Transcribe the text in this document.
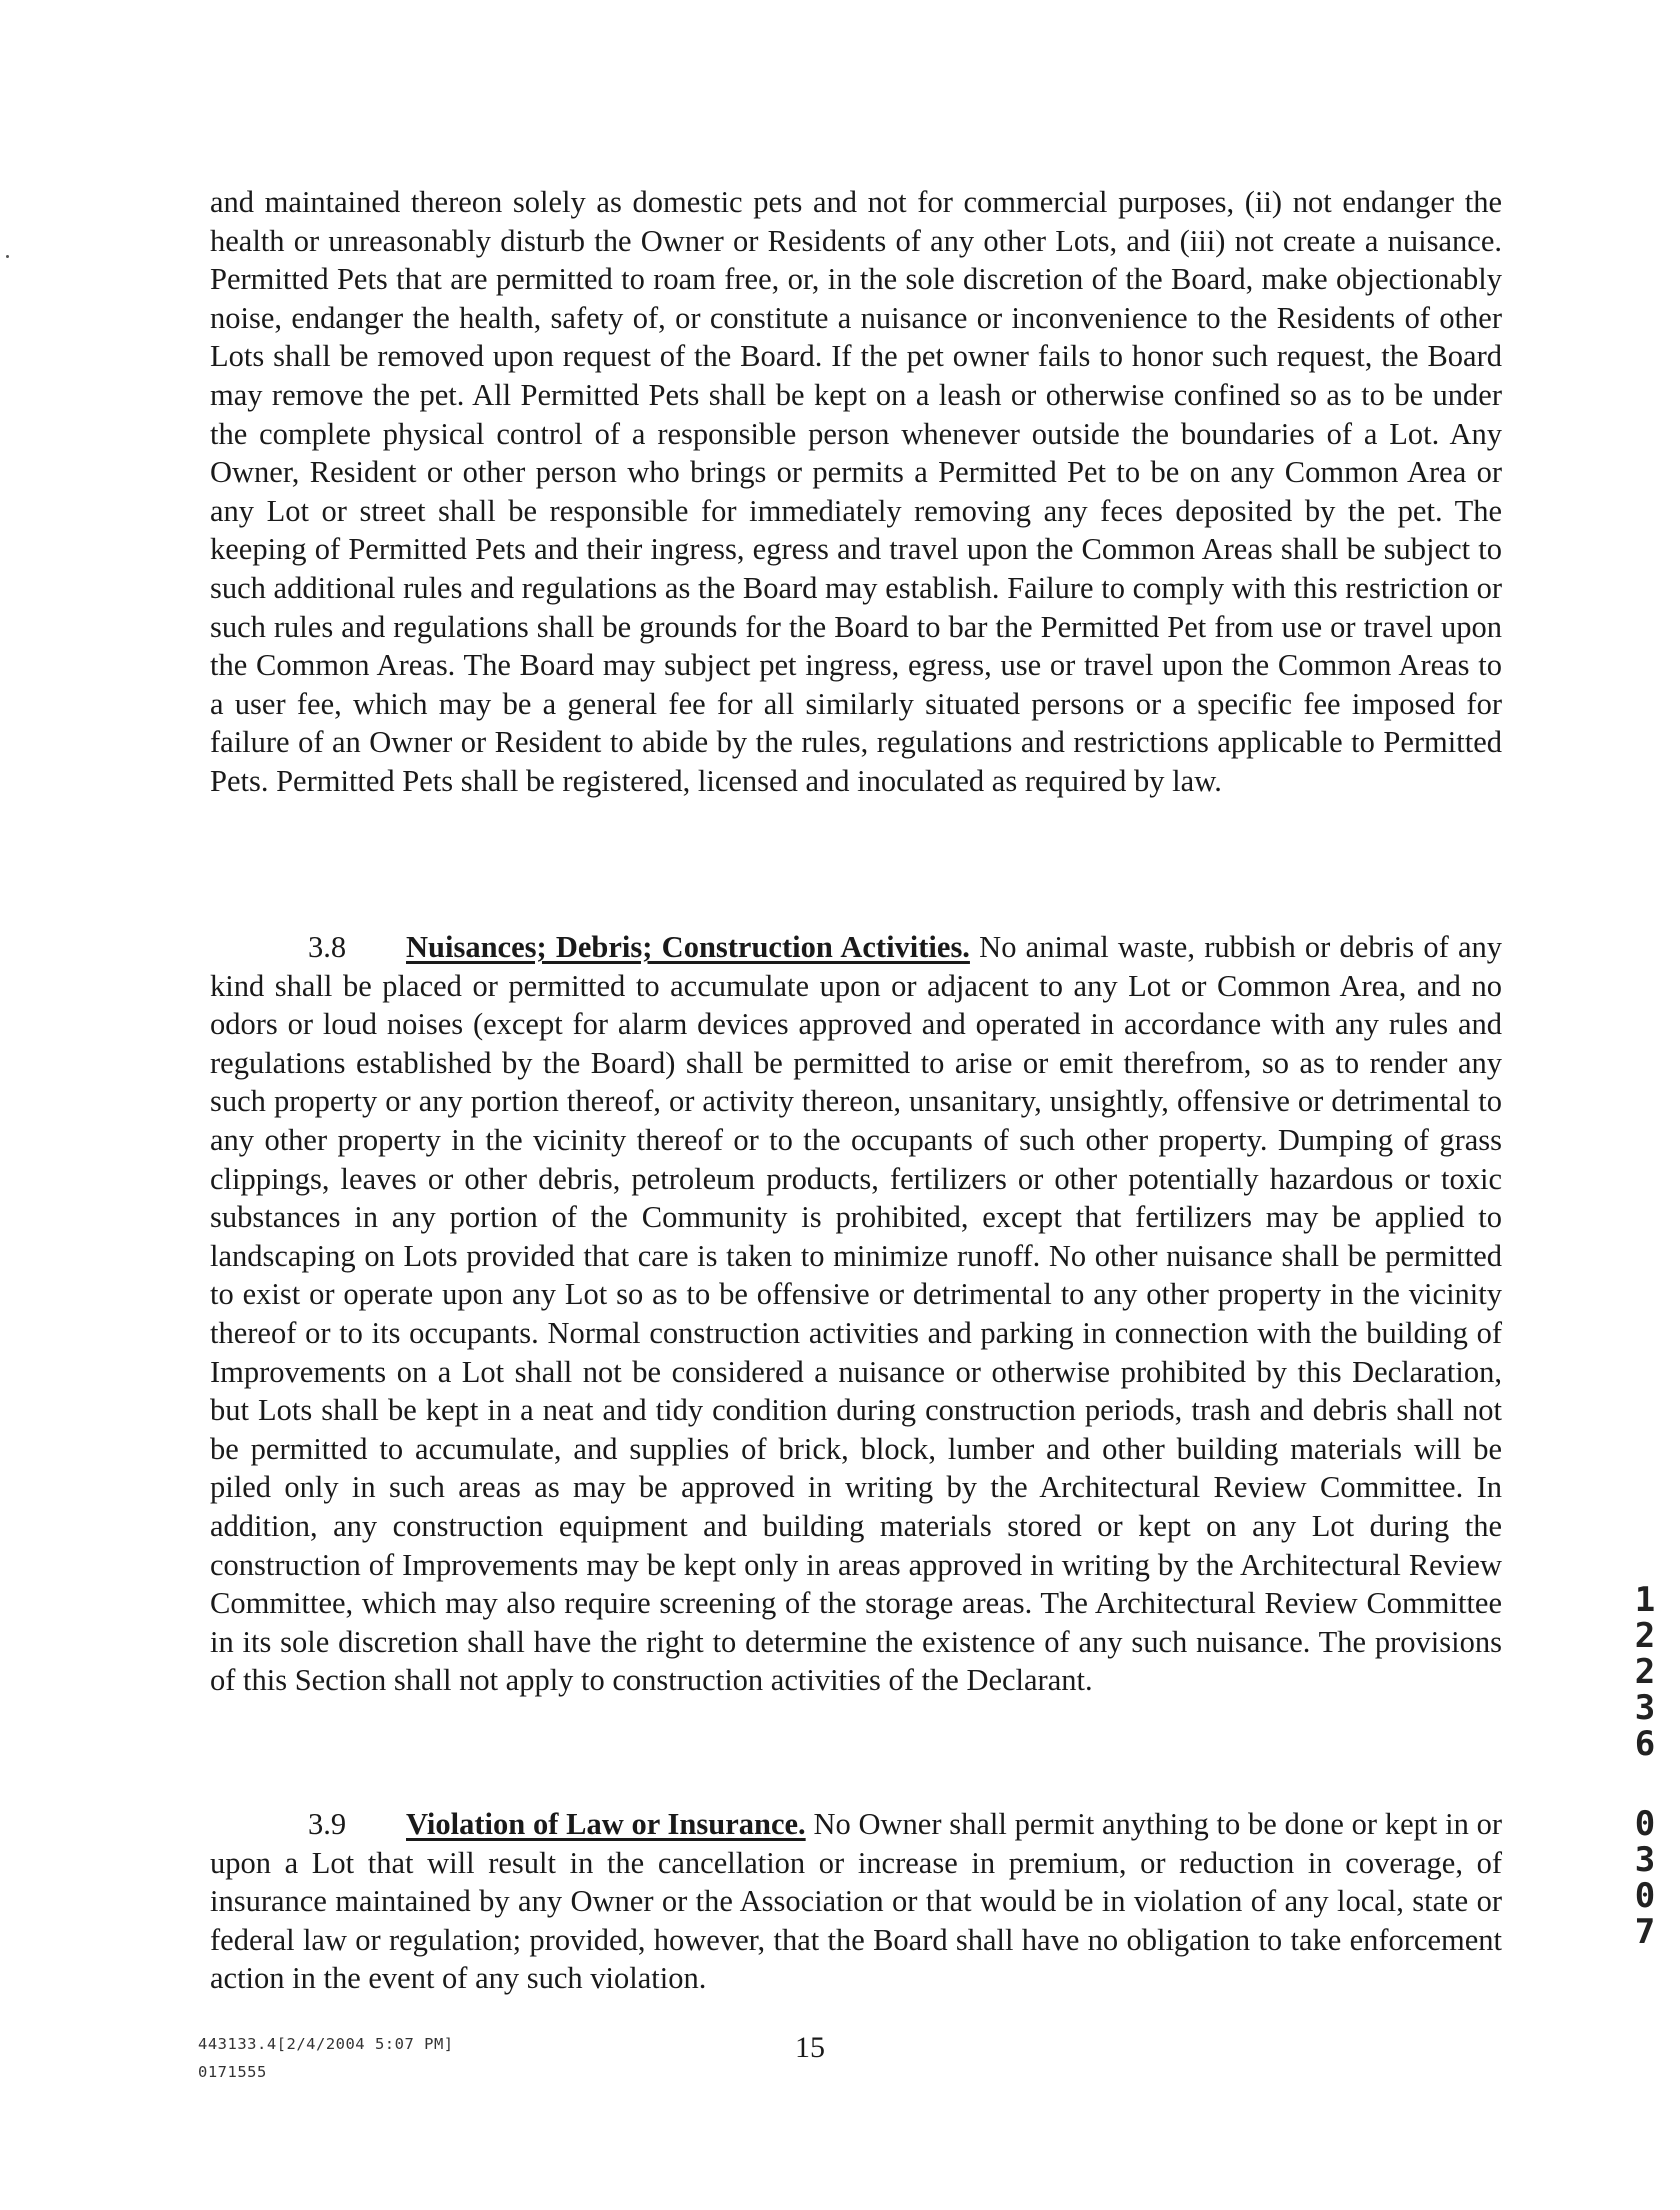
and maintained thereon solely as domestic pets and not for commercial purposes, (ii) not endanger the health or unreasonably disturb the Owner or Residents of any other Lots, and (iii) not create a nuisance. Permitted Pets that are permitted to roam free, or, in the sole discretion of the Board, make objectionably noise, endanger the health, safety of, or constitute a nuisance or inconvenience to the Residents of other Lots shall be removed upon request of the Board. If the pet owner fails to honor such request, the Board may remove the pet. All Permitted Pets shall be kept on a leash or otherwise confined so as to be under the complete physical control of a responsible person whenever outside the boundaries of a Lot. Any Owner, Resident or other person who brings or permits a Permitted Pet to be on any Common Area or any Lot or street shall be responsible for immediately removing any feces deposited by the pet. The keeping of Permitted Pets and their ingress, egress and travel upon the Common Areas shall be subject to such additional rules and regulations as the Board may establish. Failure to comply with this restriction or such rules and regulations shall be grounds for the Board to bar the Permitted Pet from use or travel upon the Common Areas. The Board may subject pet ingress, egress, use or travel upon the Common Areas to a user fee, which may be a general fee for all similarly situated persons or a specific fee imposed for failure of an Owner or Resident to abide by the rules, regulations and restrictions applicable to Permitted Pets. Permitted Pets shall be registered, licensed and inoculated as required by law.

3.8 Nuisances; Debris; Construction Activities. No animal waste, rubbish or debris of any kind shall be placed or permitted to accumulate upon or adjacent to any Lot or Common Area, and no odors or loud noises (except for alarm devices approved and operated in accordance with any rules and regulations established by the Board) shall be permitted to arise or emit therefrom, so as to render any such property or any portion thereof, or activity thereon, unsanitary, unsightly, offensive or detrimental to any other property in the vicinity thereof or to the occupants of such other property. Dumping of grass clippings, leaves or other debris, petroleum products, fertilizers or other potentially hazardous or toxic substances in any portion of the Community is prohibited, except that fertilizers may be applied to landscaping on Lots provided that care is taken to minimize runoff. No other nuisance shall be permitted to exist or operate upon any Lot so as to be offensive or detrimental to any other property in the vicinity thereof or to its occupants. Normal construction activities and parking in connection with the building of Improvements on a Lot shall not be considered a nuisance or otherwise prohibited by this Declaration, but Lots shall be kept in a neat and tidy condition during construction periods, trash and debris shall not be permitted to accumulate, and supplies of brick, block, lumber and other building materials will be piled only in such areas as may be approved in writing by the Architectural Review Committee. In addition, any construction equipment and building materials stored or kept on any Lot during the construction of Improvements may be kept only in areas approved in writing by the Architectural Review Committee, which may also require screening of the storage areas. The Architectural Review Committee in its sole discretion shall have the right to determine the existence of any such nuisance. The provisions of this Section shall not apply to construction activities of the Declarant.

3.9 Violation of Law or Insurance. No Owner shall permit anything to be done or kept in or upon a Lot that will result in the cancellation or increase in premium, or reduction in coverage, of insurance maintained by any Owner or the Association or that would be in violation of any local, state or federal law or regulation; provided, however, that the Board shall have no obligation to take enforcement action in the event of any such violation.

1
2
2
3
6
0
3
0
7
443133.4[2/4/2004 5:07 PM]
0171555
15
